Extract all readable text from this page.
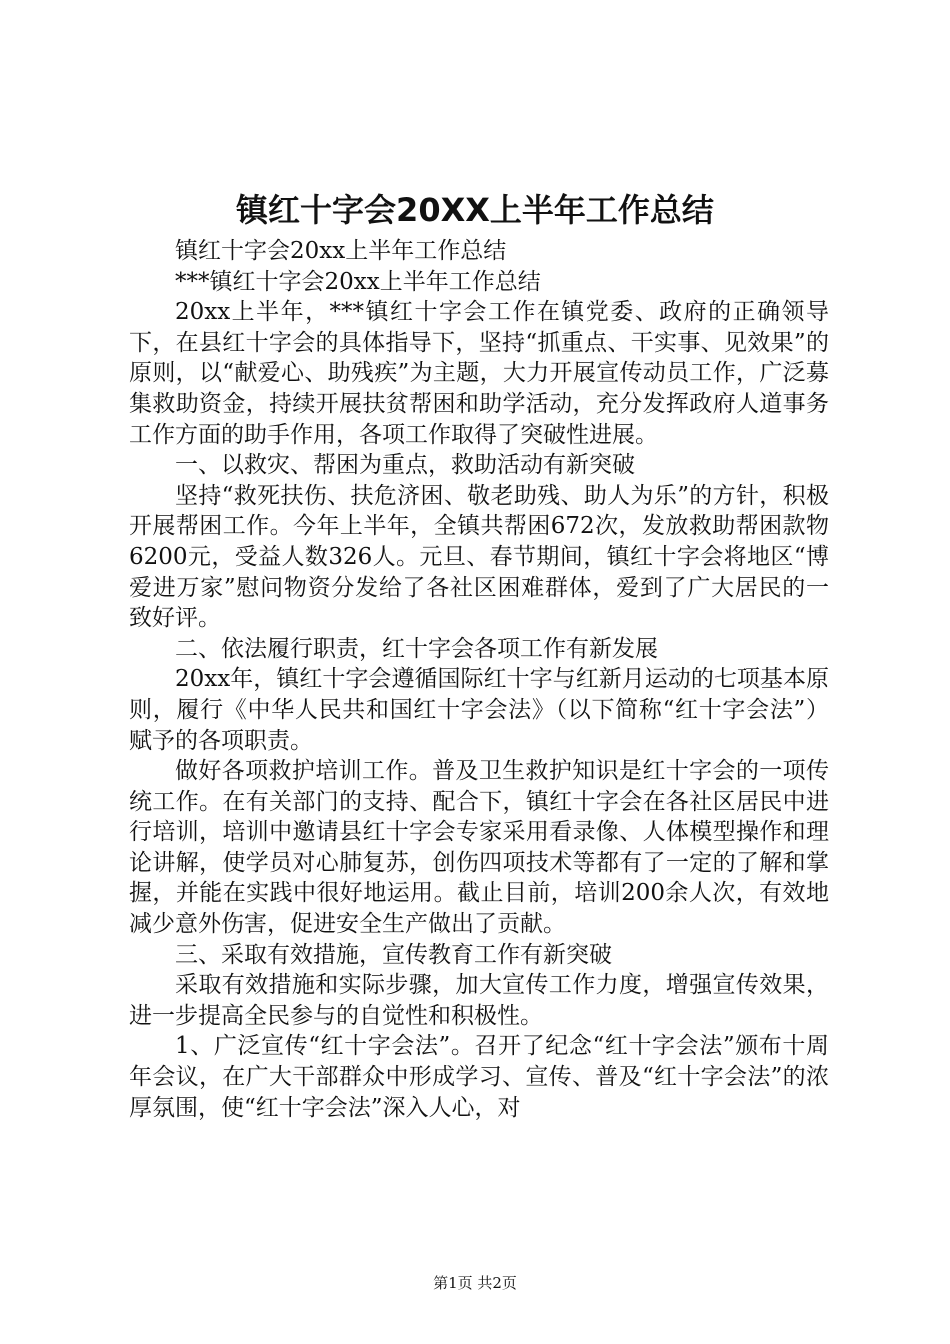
镇红十字会20XX上半年工作总结

镇红十字会20xx上半年工作总结

***镇红十字会20xx上半年工作总结

20xx上半年，***镇红十字会工作在镇党委、政府的正确领导下，在县红十字会的具体指导下，坚持“抓重点、干实事、见效果”的原则，以“献爱心、助残疾”为主题，大力开展宣传动员工作，广泛募集救助资金，持续开展扶贫帮困和助学活动，充分发挥政府人道事务工作方面的助手作用，各项工作取得了突破性进展。

一、以救灾、帮困为重点，救助活动有新突破

坚持“救死扶伤、扶危济困、敬老助残、助人为乐”的方针，积极开展帮困工作。今年上半年，全镇共帮困672次，发放救助帮困款物6200元，受益人数326人。元旦、春节期间，镇红十字会将地区“博爱进万家”慰问物资分发给了各社区困难群体，爱到了广大居民的一致好评。

二、依法履行职责，红十字会各项工作有新发展

20xx年，镇红十字会遵循国际红十字与红新月运动的七项基本原则，履行《中华人民共和国红十字会法》（以下简称“红十字会法”）赋予的各项职责。

做好各项救护培训工作。普及卫生救护知识是红十字会的一项传统工作。在有关部门的支持、配合下，镇红十字会在各社区居民中进行培训，培训中邀请县红十字会专家采用看录像、人体模型操作和理论讲解，使学员对心肺复苏，创伤四项技术等都有了一定的了解和掌握，并能在实践中很好地运用。截止目前，培训200余人次，有效地减少意外伤害，促进安全生产做出了贡献。

三、采取有效措施，宣传教育工作有新突破

采取有效措施和实际步骤，加大宣传工作力度，增强宣传效果，进一步提高全民参与的自觉性和积极性。

1、广泛宣传“红十字会法”。召开了纪念“红十字会法”颁布十周年会议，在广大干部群众中形成学习、宣传、普及“红十字会法”的浓厚氛围，使“红十字会法”深入人心，对

第1页 共2页
